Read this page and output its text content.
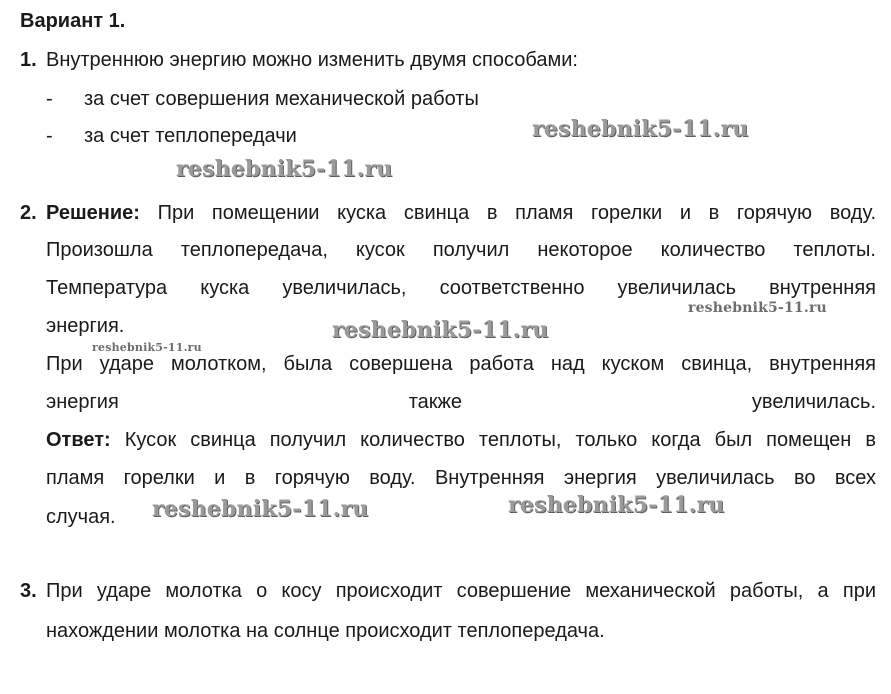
Вариант 1.
1. Внутреннюю энергию можно изменить двумя способами:
- за счет совершения механической работы
- за счет теплопередачи
2. Решение: При помещении куска свинца в пламя горелки и в горячую воду.
Произошла теплопередача, кусок получил некоторое количество теплоты.
Температура куска увеличилась, соответственно увеличилась внутренняя
энергия.
При ударе молотком, была совершена работа над куском свинца, внутренняя
энергия также увеличилась.
Ответ: Кусок свинца получил количество теплоты, только когда был помещен в
пламя горелки и в горячую воду. Внутренняя энергия увеличилась во всех
случая.
3. При ударе молотка о косу происходит совершение механической работы, а при
нахождении молотка на солнце происходит теплопередача.
reshebnik5-11.ru
reshebnik5-11.ru
reshebnik5-11.ru
reshebnik5-11.ru
reshebnik5-11.ru
reshebnik5-11.ru	reshebnik5-11.ru
